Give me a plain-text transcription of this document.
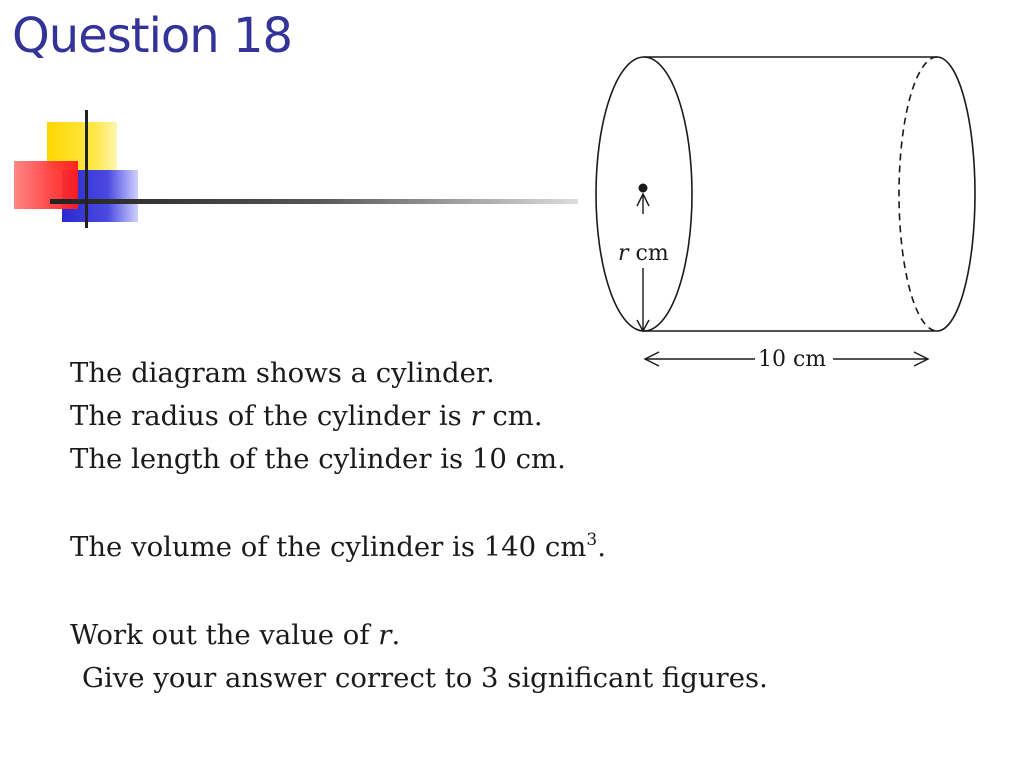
Question 18
r cm
10 cm
The diagram shows a cylinder.
The radius of the cylinder is r cm.
The length of the cylinder is 10 cm.
The volume of the cylinder is 140 $cm^3$.
Work out the value of r.
Give your answer correct to 3 significant figures.
